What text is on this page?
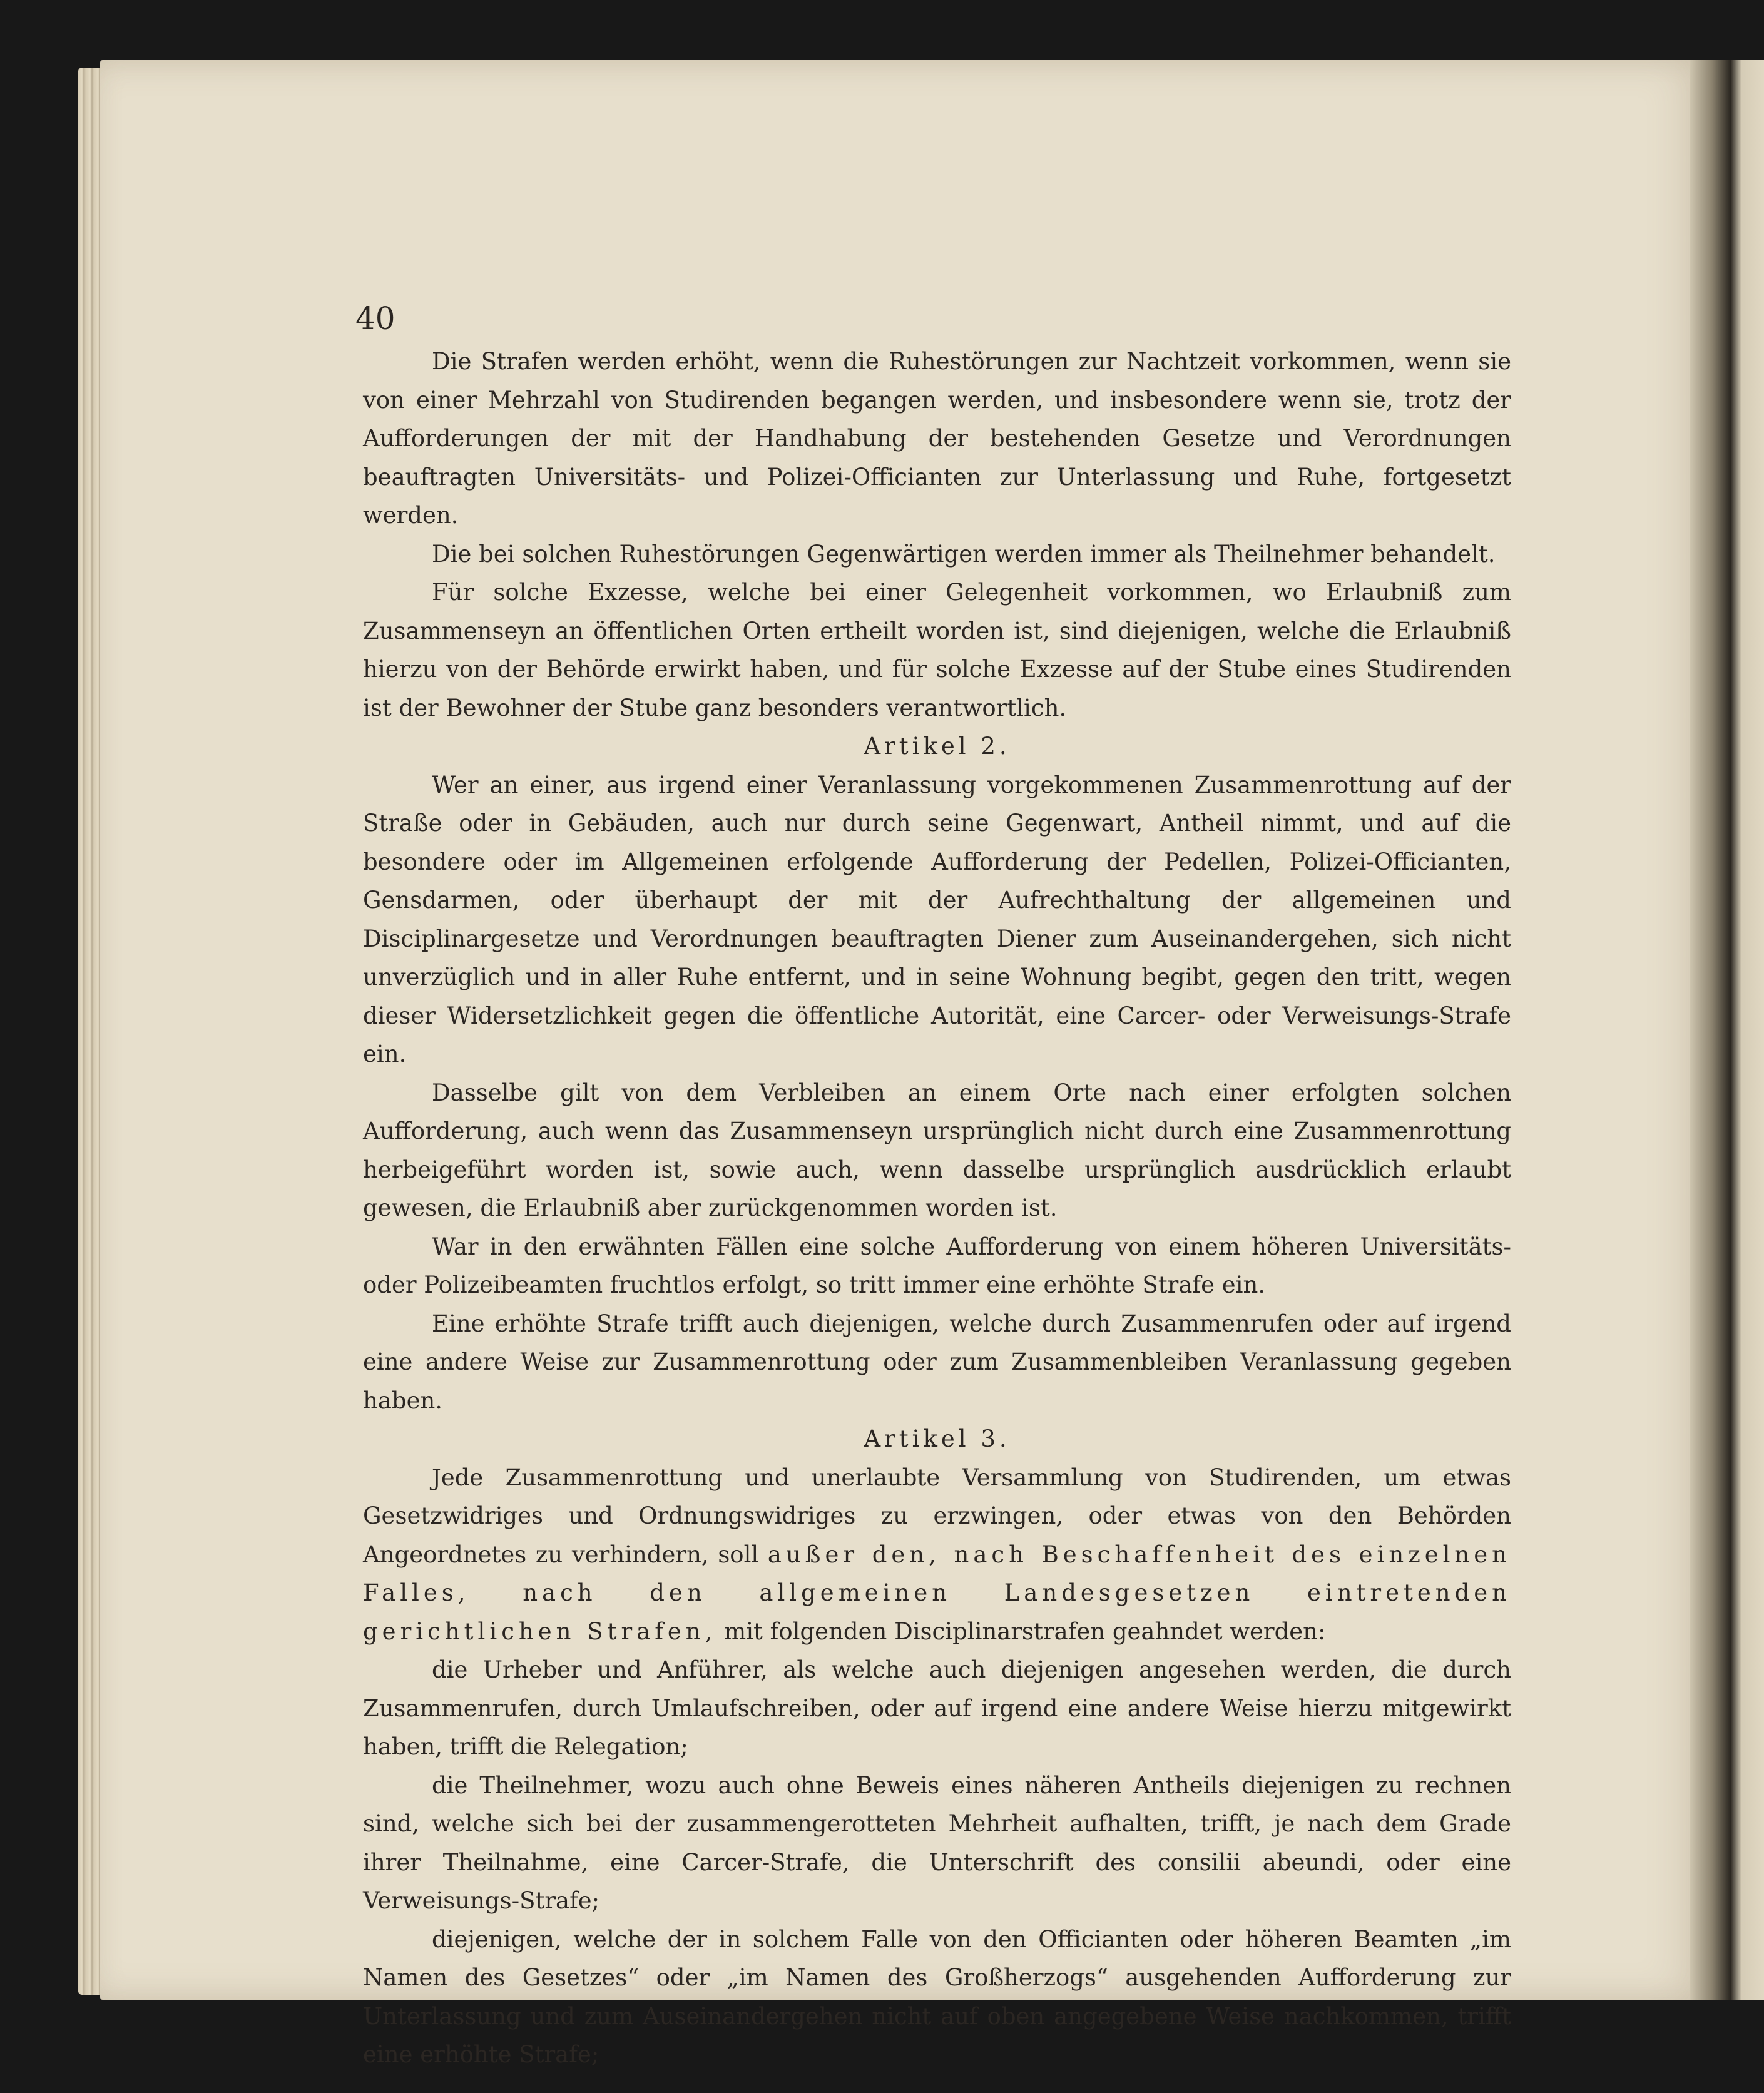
40

Die Strafen werden erhöht, wenn die Ruhestörungen zur Nachtzeit vorkommen, wenn sie von einer Mehrzahl von Studirenden begangen werden, und insbesondere wenn sie, trotz der Aufforderungen der mit der Handhabung der bestehenden Gesetze und Verordnungen beauftragten Universitäts- und Polizei-Officianten zur Unterlassung und Ruhe, fortgesetzt werden.

Die bei solchen Ruhestörungen Gegenwärtigen werden immer als Theilnehmer behandelt.

Für solche Exzesse, welche bei einer Gelegenheit vorkommen, wo Erlaubniß zum Zusammenseyn an öffentlichen Orten ertheilt worden ist, sind diejenigen, welche die Erlaubniß hierzu von der Behörde erwirkt haben, und für solche Exzesse auf der Stube eines Studirenden ist der Bewohner der Stube ganz besonders verantwortlich.

Artikel 2.

Wer an einer, aus irgend einer Veranlassung vorgekommenen Zusammenrottung auf der Straße oder in Gebäuden, auch nur durch seine Gegenwart, Antheil nimmt, und auf die besondere oder im Allgemeinen erfolgende Aufforderung der Pedellen, Polizei-Officianten, Gensdarmen, oder überhaupt der mit der Aufrechthaltung der allgemeinen und Disciplinargesetze und Verordnungen beauftragten Diener zum Auseinandergehen, sich nicht unverzüglich und in aller Ruhe entfernt, und in seine Wohnung begibt, gegen den tritt, wegen dieser Widersetzlichkeit gegen die öffentliche Autorität, eine Carcer- oder Verweisungs-Strafe ein.

Dasselbe gilt von dem Verbleiben an einem Orte nach einer erfolgten solchen Aufforderung, auch wenn das Zusammenseyn ursprünglich nicht durch eine Zusammenrottung herbeigeführt worden ist, sowie auch, wenn dasselbe ursprünglich ausdrücklich erlaubt gewesen, die Erlaubniß aber zurückgenommen worden ist.

War in den erwähnten Fällen eine solche Aufforderung von einem höheren Universitäts- oder Polizeibeamten fruchtlos erfolgt, so tritt immer eine erhöhte Strafe ein.

Eine erhöhte Strafe trifft auch diejenigen, welche durch Zusammenrufen oder auf irgend eine andere Weise zur Zusammenrottung oder zum Zusammenbleiben Veranlassung gegeben haben.

Artikel 3.

Jede Zusammenrottung und unerlaubte Versammlung von Studirenden, um etwas Gesetzwidriges und Ordnungswidriges zu erzwingen, oder etwas von den Behörden Angeordnetes zu verhindern, soll außer den, nach Beschaffenheit des einzelnen Falles, nach den allgemeinen Landesgesetzen eintretenden gerichtlichen Strafen, mit folgenden Disciplinarstrafen geahndet werden:

die Urheber und Anführer, als welche auch diejenigen angesehen werden, die durch Zusammenrufen, durch Umlaufschreiben, oder auf irgend eine andere Weise hierzu mitgewirkt haben, trifft die Relegation;

die Theilnehmer, wozu auch ohne Beweis eines näheren Antheils diejenigen zu rechnen sind, welche sich bei der zusammengerotteten Mehrheit aufhalten, trifft, je nach dem Grade ihrer Theilnahme, eine Carcer-Strafe, die Unterschrift des consilii abeundi, oder eine Verweisungs-Strafe;

diejenigen, welche der in solchem Falle von den Officianten oder höheren Beamten „im Namen des Gesetzes“ oder „im Namen des Großherzogs“ ausgehenden Aufforderung zur Unterlassung und zum Auseinandergehen nicht auf oben angegebene Weise nachkommen, trifft eine erhöhte Strafe;
